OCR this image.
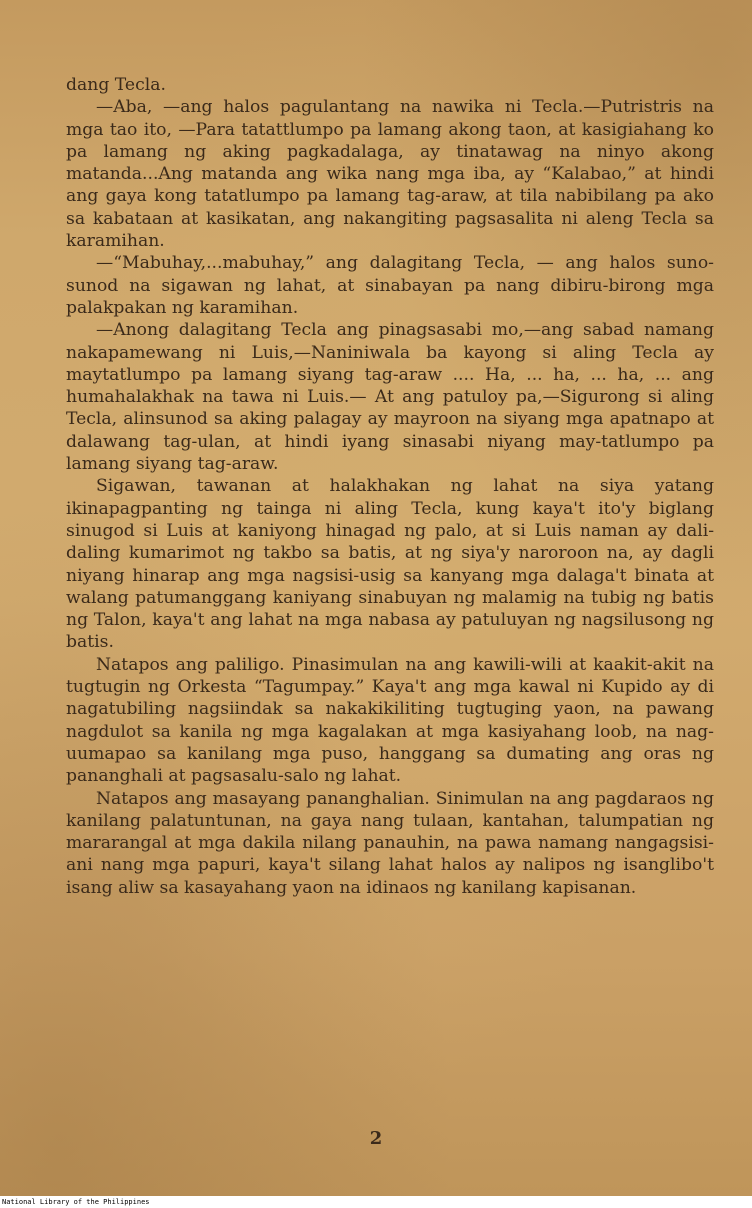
dang Tecla.

—Aba, —ang halos pagulantang na nawika ni Tecla.—Putristris na mga tao ito, —Para tatattlumpo pa lamang akong taon, at kasigiahang ko pa lamang ng aking pagkadalaga, ay tinatawag na ninyo akong matanda...Ang matanda ang wika nang mga iba, ay “Kalabao,” at hindi ang gaya kong tatatlumpo pa lamang tag-araw, at tila nabibilang pa ako sa kabataan at kasikatan, ang nakangiting pagsasalita ni aleng Tecla sa karamihan.

—“Mabuhay,...mabuhay,” ang dalagitang Tecla, — ang halos suno-sunod na sigawan ng lahat, at sinabayan pa nang dibiru-birong mga palakpakan ng karamihan.

—Anong dalagitang Tecla ang pinagsasabi mo,—ang sabad namang nakapamewang ni Luis,—Naniniwala ba kayong si aling Tecla ay maytatlumpo pa lamang siyang tag-araw .... Ha, ... ha, ... ha, ... ang humahalakhak na tawa ni Luis.— At ang patuloy pa,—Sigurong si aling Tecla, alinsunod sa aking palagay ay mayroon na siyang mga apatnapo at dalawang tag-ulan, at hindi iyang sinasabi niyang may-tatlumpo pa lamang siyang tag-araw.

Sigawan, tawanan at halakhakan ng lahat na siya yatang ikinapagpanting ng tainga ni aling Tecla, kung kaya't ito'y biglang sinugod si Luis at kaniyong hinagad ng palo, at si Luis naman ay dali-daling kumarimot ng takbo sa batis, at ng siya'y naroroon na, ay dagli niyang hinarap ang mga nagsisi-usig sa kanyang mga dalaga't binata at walang patumanggang kaniyang sinabuyan ng malamig na tubig ng batis ng Talon, kaya't ang lahat na mga nabasa ay patuluyan ng nagsilusong ng batis.

Natapos ang paliligo. Pinasimulan na ang kawili-wili at kaakit-akit na tugtugin ng Orkesta “Tagumpay.” Kaya't ang mga kawal ni Kupido ay di nagatubiling nagsiindak sa nakakikiliting tugtuging yaon, na pawang nagdulot sa kanila ng mga kagalakan at mga kasiyahang loob, na nag-uumapao sa kanilang mga puso, hanggang sa dumating ang oras ng pananghali at pagsasalu-salo ng lahat.

Natapos ang masayang pananghalian. Sinimulan na ang pagdaraos ng kanilang palatuntunan, na gaya nang tulaan, kantahan, talumpatian ng mararangal at mga dakila nilang panauhin, na pawa namang nangagsisi-ani nang mga papuri, kaya't silang lahat halos ay nalipos ng isanglibo't isang aliw sa kasayahang yaon na idinaos ng kanilang kapisanan.

2
National Library of the Philippines
